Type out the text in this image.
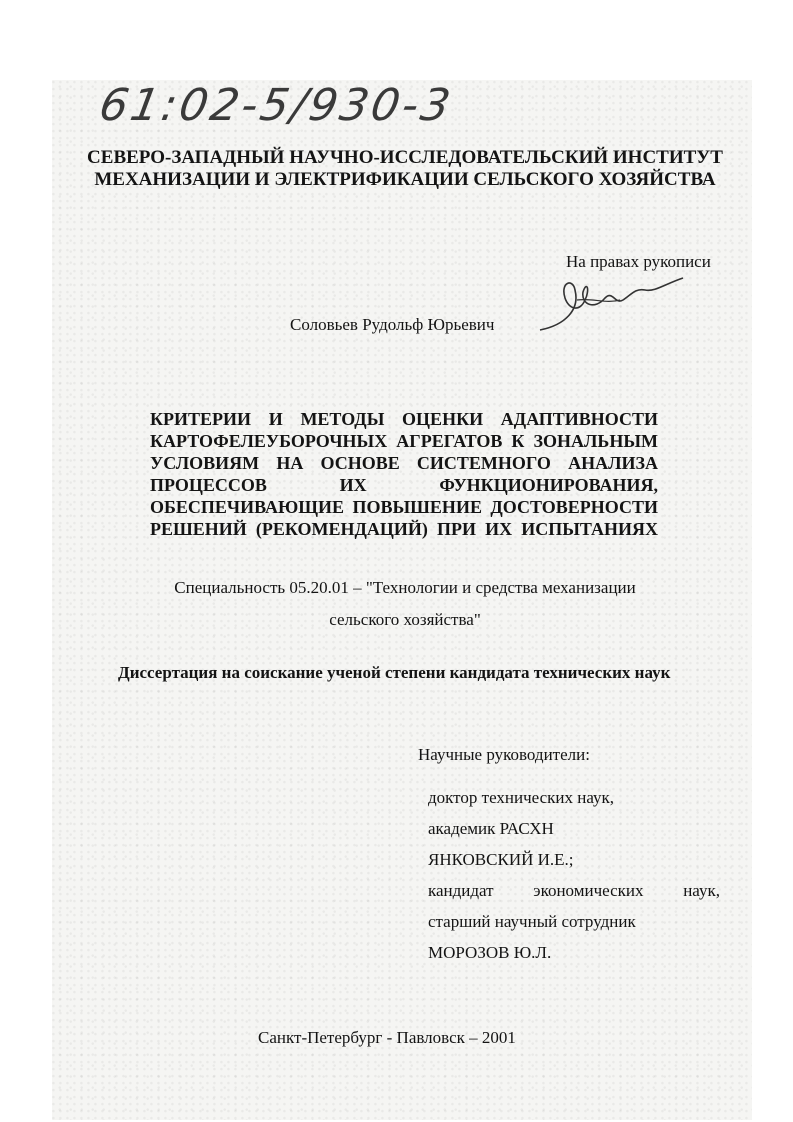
61:02-5/930-3
СЕВЕРО-ЗАПАДНЫЙ НАУЧНО-ИССЛЕДОВАТЕЛЬСКИЙ ИНСТИТУТ
МЕХАНИЗАЦИИ И ЭЛЕКТРИФИКАЦИИ СЕЛЬСКОГО ХОЗЯЙСТВА
На правах рукописи
Соловьев Рудольф Юрьевич
КРИТЕРИИ И МЕТОДЫ ОЦЕНКИ АДАПТИВНОСТИ
КАРТОФЕЛЕУБОРОЧНЫХ АГРЕГАТОВ К ЗОНАЛЬНЫМ
УСЛОВИЯМ НА ОСНОВЕ СИСТЕМНОГО АНАЛИЗА
ПРОЦЕССОВ ИХ ФУНКЦИОНИРОВАНИЯ,
ОБЕСПЕЧИВАЮЩИЕ ПОВЫШЕНИЕ ДОСТОВЕРНОСТИ
РЕШЕНИЙ (РЕКОМЕНДАЦИЙ) ПРИ ИХ ИСПЫТАНИЯХ
Специальность 05.20.01 – "Технологии и средства механизации
сельского хозяйства"
Диссертация на соискание ученой степени кандидата технических наук
Научные руководители:
доктор технических наук,
академик РАСХН
ЯНКОВСКИЙ И.Е.;
кандидат экономических наук,
старший научный сотрудник
МОРОЗОВ Ю.Л.
Санкт-Петербург - Павловск – 2001
